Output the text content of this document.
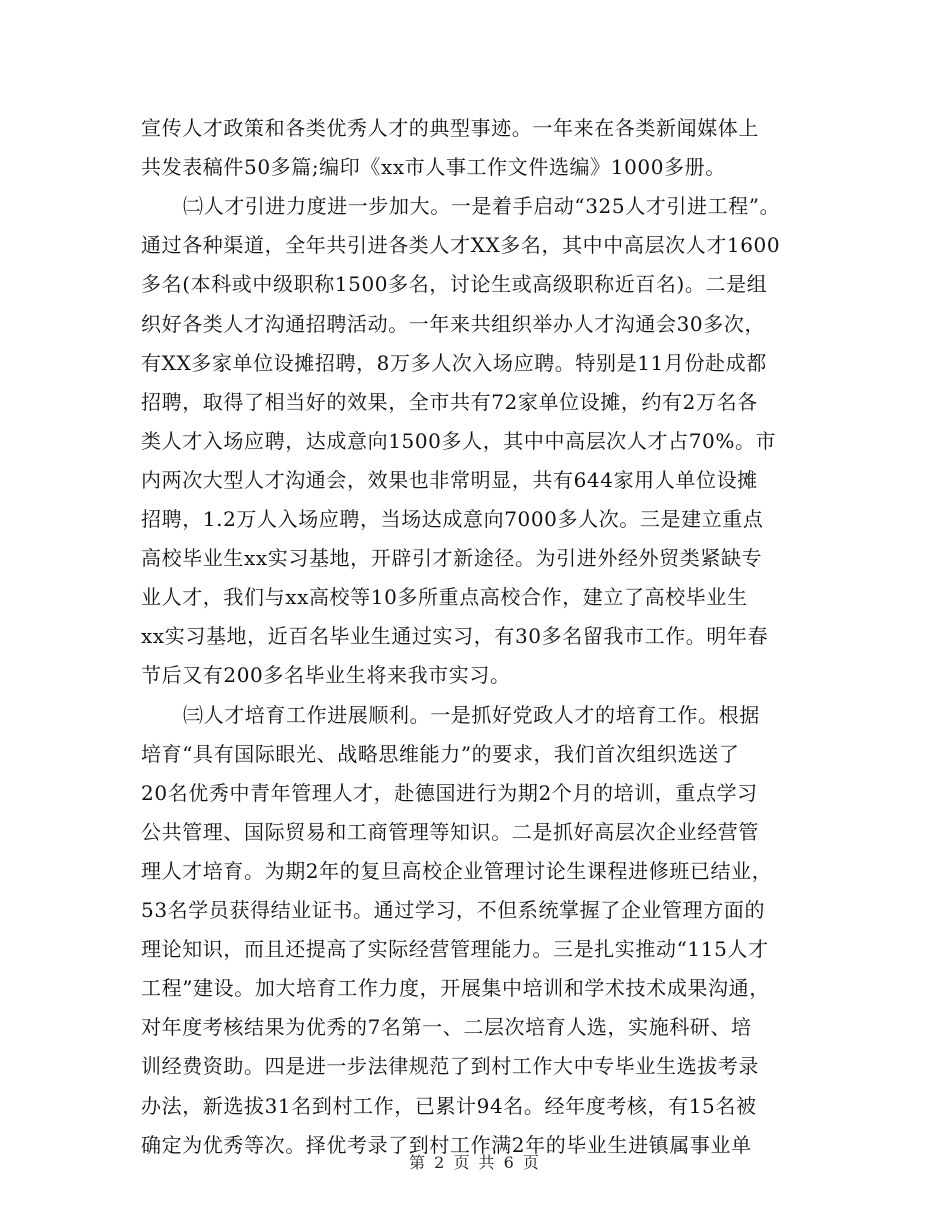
宣传人才政策和各类优秀人才的典型事迹。一年来在各类新闻媒体上
共发表稿件50多篇;编印《xx市人事工作文件选编》1000多册。
㈡人才引进力度进一步加大。一是着手启动“325人才引进工程”。
通过各种渠道，全年共引进各类人才XX多名，其中中高层次人才1600
多名(本科或中级职称1500多名，讨论生或高级职称近百名)。二是组
织好各类人才沟通招聘活动。一年来共组织举办人才沟通会30多次，
有XX多家单位设摊招聘，8万多人次入场应聘。特别是11月份赴成都
招聘，取得了相当好的效果，全市共有72家单位设摊，约有2万名各
类人才入场应聘，达成意向1500多人，其中中高层次人才占70%。市
内两次大型人才沟通会，效果也非常明显，共有644家用人单位设摊
招聘，1.2万人入场应聘，当场达成意向7000多人次。三是建立重点
高校毕业生xx实习基地，开辟引才新途径。为引进外经外贸类紧缺专
业人才，我们与xx高校等10多所重点高校合作，建立了高校毕业生
xx实习基地，近百名毕业生通过实习，有30多名留我市工作。明年春
节后又有200多名毕业生将来我市实习。
㈢人才培育工作进展顺利。一是抓好党政人才的培育工作。根据
培育“具有国际眼光、战略思维能力”的要求，我们首次组织选送了
20名优秀中青年管理人才，赴德国进行为期2个月的培训，重点学习
公共管理、国际贸易和工商管理等知识。二是抓好高层次企业经营管
理人才培育。为期2年的复旦高校企业管理讨论生课程进修班已结业，
53名学员获得结业证书。通过学习，不但系统掌握了企业管理方面的
理论知识，而且还提高了实际经营管理能力。三是扎实推动“115人才
工程”建设。加大培育工作力度，开展集中培训和学术技术成果沟通，
对年度考核结果为优秀的7名第一、二层次培育人选，实施科研、培
训经费资助。四是进一步法律规范了到村工作大中专毕业生选拔考录
办法，新选拔31名到村工作，已累计94名。经年度考核，有15名被
确定为优秀等次。择优考录了到村工作满2年的毕业生进镇属事业单
第 2 页 共 6 页
